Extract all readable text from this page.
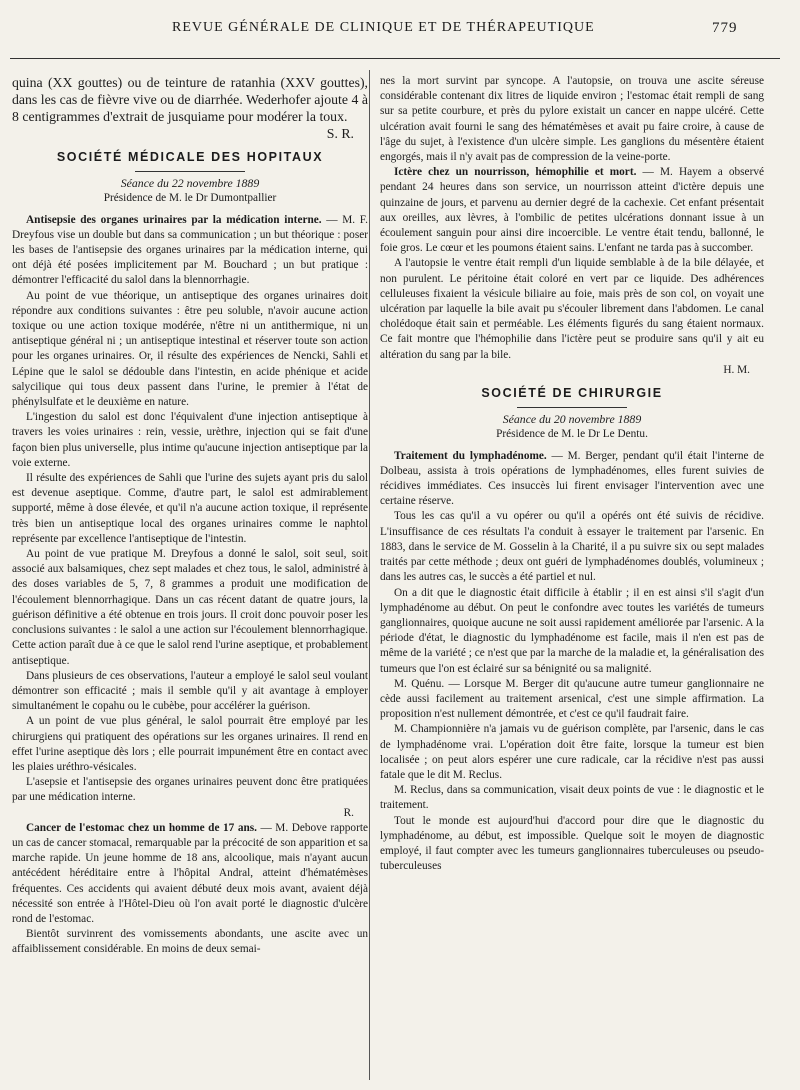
REVUE GÉNÉRALE DE CLINIQUE ET DE THÉRAPEUTIQUE	779

quina (XX gouttes) ou de teinture de ratanhia (XXV gouttes), dans les cas de fièvre vive ou de diarrhée. Wederhofer ajoute 4 à 8 centigrammes d'extrait de jusquiame pour modérer la toux.

S. R.

SOCIÉTÉ MÉDICALE DES HOPITAUX

Séance du 22 novembre 1889

Présidence de M. le Dr Dumontpallier

Antisepsie des organes urinaires par la médication interne. — M. F. Dreyfous vise un double but dans sa communication ; un but théorique : poser les bases de l'antisepsie des organes urinaires par la médication interne, qui ont déjà été posées implicitement par M. Bouchard ; un but pratique : démontrer l'efficacité du salol dans la blennorrhagie.

Au point de vue théorique, un antiseptique des organes urinaires doit répondre aux conditions suivantes : être peu soluble, n'avoir aucune action toxique ou une action toxique modérée, n'être ni un antithermique, ni un antiseptique général ni ; un antiseptique intestinal et réserver toute son action pour les organes urinaires. Or, il résulte des expériences de Nencki, Sahli et Lépine que le salol se dédouble dans l'intestin, en acide phénique et acide salycilique qui tous deux passent dans l'urine, le premier à l'état de phénylsulfate et le deuxième en nature.

L'ingestion du salol est donc l'équivalent d'une injection antiseptique à travers les voies urinaires : rein, vessie, urèthre, injection qui se fait d'une façon bien plus universelle, plus intime qu'aucune injection antiseptique par la voie externe.

Il résulte des expériences de Sahli que l'urine des sujets ayant pris du salol est devenue aseptique. Comme, d'autre part, le salol est admirablement supporté, même à dose élevée, et qu'il n'a aucune action toxique, il représente très bien un antiseptique local des organes urinaires comme le naphtol représente par excellence l'antiseptique de l'intestin.

Au point de vue pratique M. Dreyfous a donné le salol, soit seul, soit associé aux balsamiques, chez sept malades et chez tous, le salol, administré à des doses variables de 5, 7, 8 grammes a produit une modification de l'écoulement blennorrhagique. Dans un cas récent datant de quatre jours, la guérison définitive a été obtenue en trois jours. Il croit donc pouvoir poser les conclusions suivantes : le salol a une action sur l'écoulement blennorrhagique. Cette action paraît due à ce que le salol rend l'urine aseptique, et probablement antiseptique.

Dans plusieurs de ces observations, l'auteur a employé le salol seul voulant démontrer son efficacité ; mais il semble qu'il y ait avantage à employer simultanément le copahu ou le cubèbe, pour accélérer la guérison.

A un point de vue plus général, le salol pourrait être employé par les chirurgiens qui pratiquent des opérations sur les organes urinaires. Il rend en effet l'urine aseptique dès lors ; elle pourrait impunément être en contact avec les plaies uréthro-vésicales.

L'asepsie et l'antisepsie des organes urinaires peuvent donc être pratiquées par une médication interne.

R.

Cancer de l'estomac chez un homme de 17 ans. — M. Debove rapporte un cas de cancer stomacal, remarquable par la précocité de son apparition et sa marche rapide. Un jeune homme de 18 ans, alcoolique, mais n'ayant aucun antécédent héréditaire entre à l'hôpital Andral, atteint d'hématémèses fréquentes. Ces accidents qui avaient débuté deux mois avant, avaient déjà nécessité son entrée à l'Hôtel-Dieu où l'on avait porté le diagnostic d'ulcère rond de l'estomac.

Bientôt survinrent des vomissements abondants, une ascite avec un affaiblissement considérable. En moins de deux semai-

nes la mort survint par syncope. A l'autopsie, on trouva une ascite séreuse considérable contenant dix litres de liquide environ ; l'estomac était rempli de sang sur sa petite courbure, et près du pylore existait un cancer en nappe ulcéré. Cette ulcération avait fourni le sang des hématémèses et avait pu faire croire, à cause de l'âge du sujet, à l'existence d'un ulcère simple. Les ganglions du mésentère étaient engorgés, mais il n'y avait pas de compression de la veine-porte.

Ictère chez un nourrisson, hémophilie et mort. — M. Hayem a observé pendant 24 heures dans son service, un nourrisson atteint d'ictère depuis une quinzaine de jours, et parvenu au dernier degré de la cachexie. Cet enfant présentait aux oreilles, aux lèvres, à l'ombilic de petites ulcérations donnant issue à un écoulement sanguin pour ainsi dire incoercible. Le ventre était tendu, ballonné, le foie gros. Le cœur et les poumons étaient sains. L'enfant ne tarda pas à succomber.

A l'autopsie le ventre était rempli d'un liquide semblable à de la bile délayée, et non purulent. Le péritoine était coloré en vert par ce liquide. Des adhérences celluleuses fixaient la vésicule biliaire au foie, mais près de son col, on voyait une ulcération par laquelle la bile avait pu s'écouler librement dans l'abdomen. Le canal cholédoque était sain et perméable. Les éléments figurés du sang étaient normaux. Ce fait montre que l'hémophilie dans l'ictère peut se produire sans qu'il y ait eu altération du sang par la bile.

H. M.

SOCIÉTÉ DE CHIRURGIE

Séance du 20 novembre 1889

Présidence de M. le Dr Le Dentu.

Traitement du lymphadénome. — M. Berger, pendant qu'il était l'interne de Dolbeau, assista à trois opérations de lymphadénomes, elles furent suivies de récidives immédiates. Ces insuccès lui firent envisager l'intervention avec une certaine réserve.

Tous les cas qu'il a vu opérer ou qu'il a opérés ont été suivis de récidive. L'insuffisance de ces résultats l'a conduit à essayer le traitement par l'arsenic. En 1883, dans le service de M. Gosselin à la Charité, il a pu suivre six ou sept malades traités par cette méthode ; deux ont guéri de lymphadénomes doublés, volumineux ; dans les autres cas, le succès a été partiel et nul.

On a dit que le diagnostic était difficile à établir ; il en est ainsi s'il s'agit d'un lymphadénome au début. On peut le confondre avec toutes les variétés de tumeurs ganglionnaires, quoique aucune ne soit aussi rapidement améliorée par l'arsenic. A la période d'état, le diagnostic du lymphadénome est facile, mais il n'en est pas de même de la variété ; ce n'est que par la marche de la maladie et, la généralisation des tumeurs que l'on est éclairé sur sa bénignité ou sa malignité.

M. Quénu. — Lorsque M. Berger dit qu'aucune autre tumeur ganglionnaire ne cède aussi facilement au traitement arsenical, c'est une simple affirmation. La proposition n'est nullement démontrée, et c'est ce qu'il faudrait faire.

M. Championnière n'a jamais vu de guérison complète, par l'arsenic, dans le cas de lymphadénome vrai. L'opération doit être faite, lorsque la tumeur est bien localisée ; on peut alors espérer une cure radicale, car la récidive n'est pas aussi fatale que le dit M. Reclus.

M. Reclus, dans sa communication, visait deux points de vue : le diagnostic et le traitement.

Tout le monde est aujourd'hui d'accord pour dire que le diagnostic du lymphadénome, au début, est impossible. Quelque soit le moyen de diagnostic employé, il faut compter avec les tumeurs ganglionnaires tuberculeuses ou pseudo-tuberculeuses
